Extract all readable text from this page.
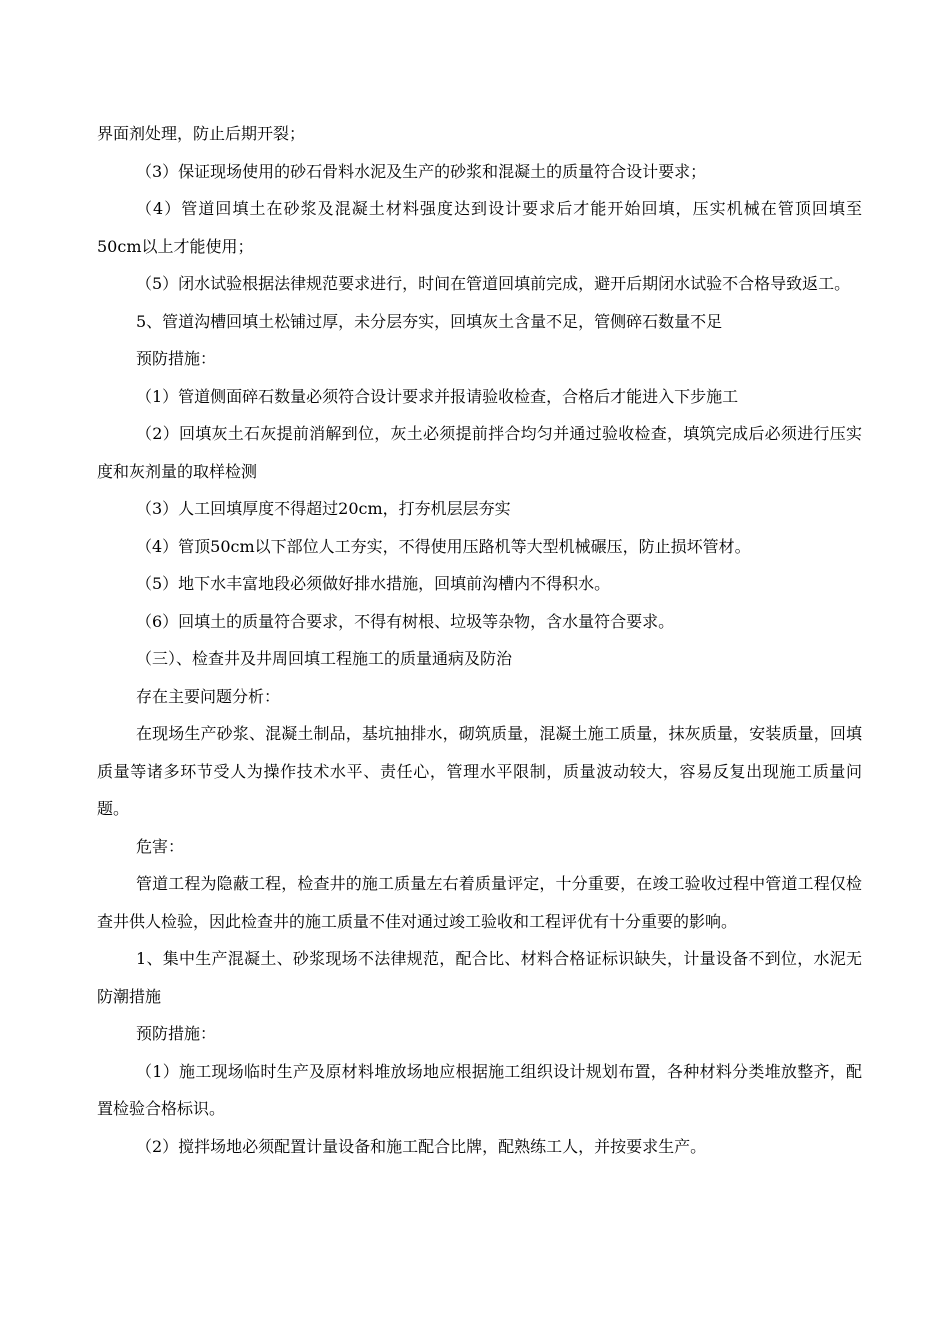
界面剂处理，防止后期开裂；

（3）保证现场使用的砂石骨料水泥及生产的砂浆和混凝土的质量符合设计要求；

（4）管道回填土在砂浆及混凝土材料强度达到设计要求后才能开始回填，压实机械在管顶回填至50cm以上才能使用；

（5）闭水试验根据法律规范要求进行，时间在管道回填前完成，避开后期闭水试验不合格导致返工。

5、管道沟槽回填土松铺过厚，未分层夯实，回填灰土含量不足，管侧碎石数量不足

预防措施：

（1）管道侧面碎石数量必须符合设计要求并报请验收检查，合格后才能进入下步施工

（2）回填灰土石灰提前消解到位，灰土必须提前拌合均匀并通过验收检查，填筑完成后必须进行压实度和灰剂量的取样检测

（3）人工回填厚度不得超过20cm，打夯机层层夯实

（4）管顶50cm以下部位人工夯实，不得使用压路机等大型机械碾压，防止损坏管材。

（5）地下水丰富地段必须做好排水措施，回填前沟槽内不得积水。

（6）回填土的质量符合要求，不得有树根、垃圾等杂物，含水量符合要求。

（三）、检查井及井周回填工程施工的质量通病及防治

存在主要问题分析：

在现场生产砂浆、混凝土制品，基坑抽排水，砌筑质量，混凝土施工质量，抹灰质量，安装质量，回填质量等诸多环节受人为操作技术水平、责任心，管理水平限制，质量波动较大，容易反复出现施工质量问题。

危害：

管道工程为隐蔽工程，检查井的施工质量左右着质量评定，十分重要，在竣工验收过程中管道工程仅检查井供人检验，因此检查井的施工质量不佳对通过竣工验收和工程评优有十分重要的影响。

1、集中生产混凝土、砂浆现场不法律规范，配合比、材料合格证标识缺失，计量设备不到位，水泥无防潮措施

预防措施：

（1）施工现场临时生产及原材料堆放场地应根据施工组织设计规划布置，各种材料分类堆放整齐，配置检验合格标识。

（2）搅拌场地必须配置计量设备和施工配合比牌，配熟练工人，并按要求生产。
